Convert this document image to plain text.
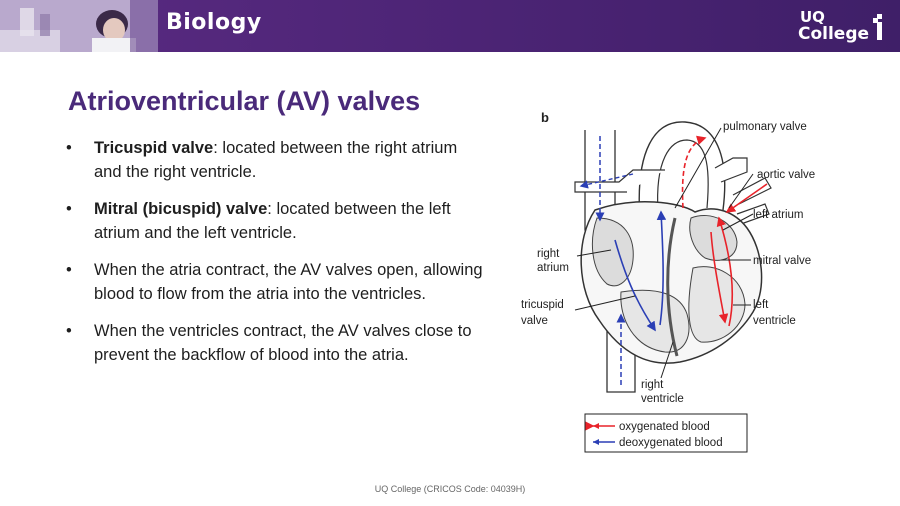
Biology	UQ
College
Atrioventricular (AV) valves
• Tricuspid valve: located between the right atrium and the right ventricle.
• Mitral (bicuspid) valve: located between the left atrium and the left ventricle.
• When the atria contract, the AV valves open, allowing blood to flow from the atria into the ventricles.
• When the ventricles contract, the AV valves close to prevent the backflow of blood into the atria.
b
pulmonary valve
aortic valve
left atrium
right
atrium
mitral valve
tricuspid
valve
left
ventricle
right
ventricle
oxygenated blood
deoxygenated blood
UQ College (CRICOS Code: 04039H)
